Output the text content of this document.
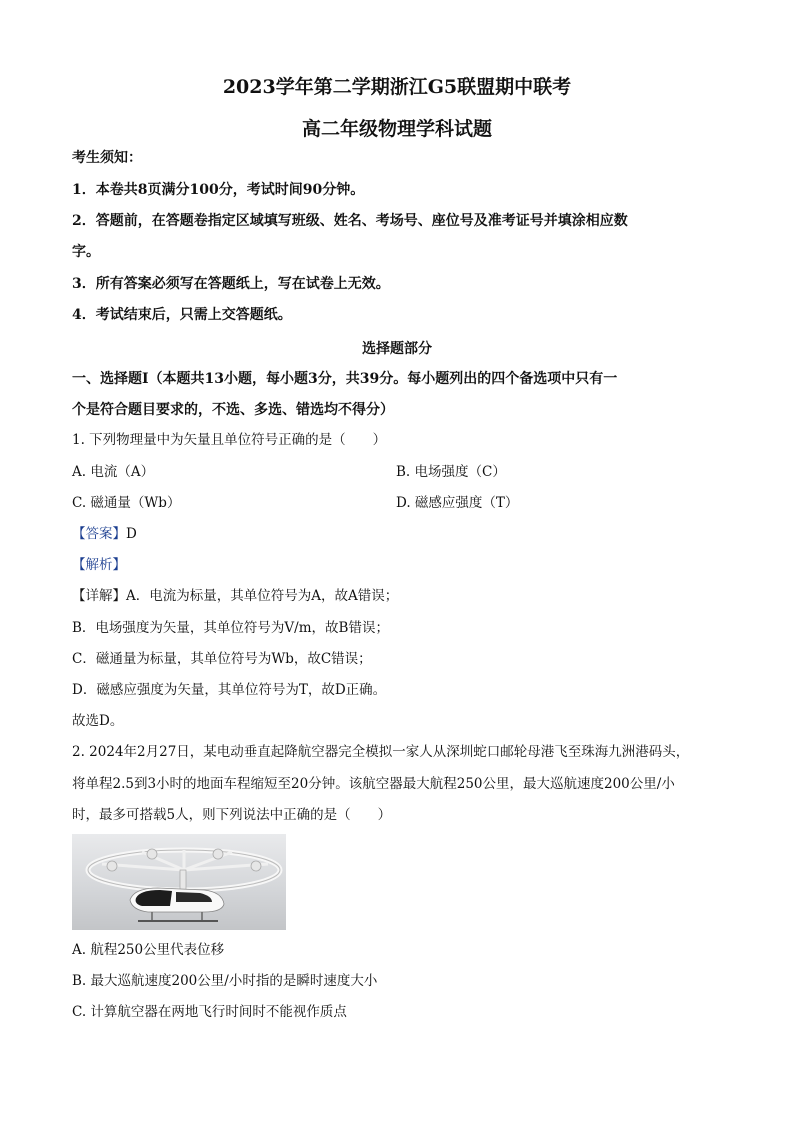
2023学年第二学期浙江G5联盟期中联考
高二年级物理学科试题
考生须知：
1．本卷共8页满分100分，考试时间90分钟。
2．答题前，在答题卷指定区域填写班级、姓名、考场号、座位号及准考证号并填涂相应数
字。
3．所有答案必须写在答题纸上，写在试卷上无效。
4．考试结束后，只需上交答题纸。
选择题部分
一、选择题Ⅰ（本题共13小题，每小题3分，共39分。每小题列出的四个备选项中只有一
个是符合题目要求的，不选、多选、错选均不得分）
1. 下列物理量中为矢量且单位符号正确的是（　　）
A. 电流（A）	B. 电场强度（C）
C. 磁通量（Wb）	D. 磁感应强度（T）
【答案】D
【解析】
【详解】A．电流为标量，其单位符号为A，故A错误；
B．电场强度为矢量，其单位符号为V/m，故B错误；
C．磁通量为标量，其单位符号为Wb，故C错误；
D．磁感应强度为矢量，其单位符号为T，故D正确。
故选D。
2. 2024年2月27日，某电动垂直起降航空器完全模拟一家人从深圳蛇口邮轮母港飞至珠海九洲港码头，
将单程2.5到3小时的地面车程缩短至20分钟。该航空器最大航程250公里，最大巡航速度200公里/小
时，最多可搭载5人，则下列说法中正确的是（　　）
A. 航程250公里代表位移
B. 最大巡航速度200公里/小时指的是瞬时速度大小
C. 计算航空器在两地飞行时间时不能视作质点
